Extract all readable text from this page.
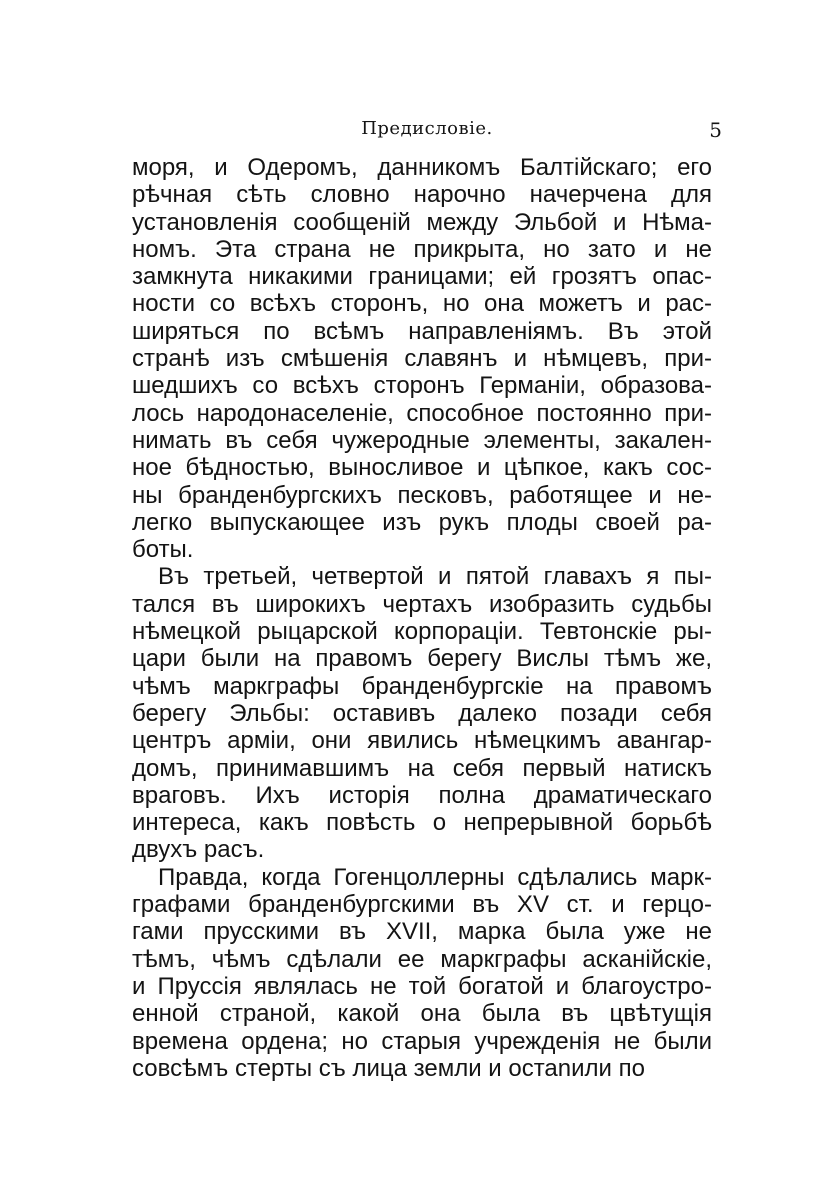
Предисловіе.	5
моря, и Одеромъ, данникомъ Балтійскаго; его
рѣчная сѣть словно нарочно начерчена для
установленія сообщеній между Эльбой и Нѣма-
номъ. Эта страна не прикрыта, но зато и не
замкнута никакими границами; ей грозятъ опас-
ности со всѣхъ сторонъ, но она можетъ и рас-
ширяться по всѣмъ направленіямъ. Въ этой
странѣ изъ смѣшенія славянъ и нѣмцевъ, при-
шедшихъ со всѣхъ сторонъ Германіи, образова-
лось народонаселеніе, способное постоянно при-
нимать въ себя чужеродные элементы, закален-
ное бѣдностью, выносливое и цѣпкое, какъ сос-
ны бранденбургскихъ песковъ, работящее и не-
легко выпускающее изъ рукъ плоды своей ра-
боты.
Въ третьей, четвертой и пятой главахъ я пы-
тался въ широкихъ чертахъ изобразить судьбы
нѣмецкой рыцарской корпораціи. Тевтонскіе ры-
цари были на правомъ берегу Вислы тѣмъ же,
чѣмъ маркграфы бранденбургскіе на правомъ
берегу Эльбы: оставивъ далеко позади себя
центръ арміи, они явились нѣмецкимъ авангар-
домъ, принимавшимъ на себя первый натискъ
враговъ. Ихъ исторія полна драматическаго
интереса, какъ повѣсть о непрерывной борьбѣ
двухъ расъ.
Правда, когда Гогенцоллерны сдѣлались марк-
графами бранденбургскими въ XV ст. и герцо-
гами прусскими въ XVII, марка была уже не
тѣмъ, чѣмъ сдѣлали ее маркграфы асканійскіе,
и Пруссія являлась не той богатой и благоустро-
енной страной, какой она была въ цвѣтущія
времена ордена; но старыя учрежденія не были
совсѣмъ стерты съ лица земли и остаnили по
